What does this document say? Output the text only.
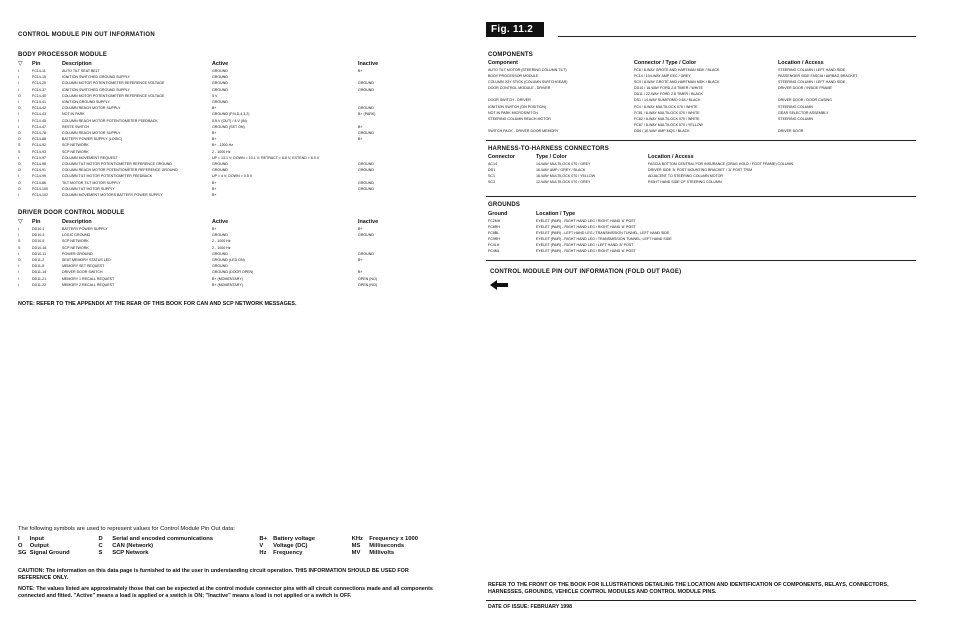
CONTROL MODULE PIN OUT INFORMATION
BODY PROCESSOR MODULE
▽	Pin	Description	Active	Inactive
I	FC14-11	AUTO TILT SEAT BELT	GROUND	B+
I	FC14-15	IGNITION SWITCHED GROUND SUPPLY	GROUND	
I	FC14-20	COLUMN MOTOR POTENTIOMETER REFERENCE VOLTAGE	GROUND	GROUND
I	FC14-37	IGNITION SWITCHED GROUND SUPPLY	GROUND	GROUND
O	FC14-40	COLUMN MOTOR POTENTIOMETER REFERENCE VOLTAGE	5 V	
I	FC14-41	IGNITION GROUND SUPPLY	GROUND	
O	FC14-42	COLUMN REACH MOTOR SUPPLY	B+	GROUND
I	FC14-43	NOT IN PARK	GROUND (P,N,D,4,3,2)	B+ (PARK)
I	FC14-45	COLUMN REACH MOTOR POTENTIOMETER FEEDBACK	0.5 V (OUT) / 4 V (IN)	
I	FC14-47	RESTE SWITCH	GROUND (SET ON)	B+
O	FC14-78	COLUMN REACH MOTOR SUPPLY	B+	GROUND
O	FC14-88	BATTERY POWER SUPPLY (LOGIC)	B+	B+
S	FC14-92	SCP NETWORK	B+ - 1000 Hz	
S	FC14-93	SCP NETWORK	2 - 1000 Hz	
I	FC14-97	COLUMN MOVEMENT REQUEST	UP = 13.1 V; DOWN = 10.1 V; RETRACT = 8.8 V; EXTEND = 6.9 V	
O	FC14-98	COLUMN TILT MOTOR POTENTIOMETER REFERENCE GROUND	GROUND	GROUND
O	FC14-91	COLUMN REACH MOTOR POTENTIOMETER REFERENCE GROUND	GROUND	GROUND
I	FC14-99	COLUMN TILT MOTOR POTENTIOMETER FEEDBACK	UP = 4 V; DOWN = 0.5 V	
O	FC14-86	TILT MOTOR TILT MOTOR SUPPLY	B+	GROUND
O	FC14-100	COLUMN TILT MOTOR SUPPLY	B+	GROUND
I	FC14-102	COLUMN MOVEMENT MOTORS BATTERY POWER SUPPLY	B+	
DRIVER DOOR CONTROL MODULE
▽	Pin	Description	Active	Inactive
I	DD10-1	BATTERY POWER SUPPLY	B+	B+
I	DD10-3	LOGIC GROUND	GROUND	GROUND
S	DD10-5	SCP NETWORK	2 - 1000 Hz	
S	DD10-16	SCP NETWORK	2 - 1000 Hz	
I	DD10-11	POWER GROUND	GROUND	GROUND

O	DD11-2	SEAT MEMORY STATUS LED	GROUND (LED ON)	B+
I	DD11-8	MEMORY SET REQUEST	GROUND	
I	DD11-14	DRIVER DOOR SWITCH	GROUND (DOOR OPEN)	B+
I	DD11-21	MEMORY 1 RECALL REQUEST	B+ (MOMENTARY)	OPEN (NO)
I	DD11-22	MEMORY 2 RECALL REQUEST	B+ (MOMENTARY)	OPEN (NO)
NOTE: REFER TO THE APPENDIX AT THE REAR OF THIS BOOK FOR CAN AND SCP NETWORK MESSAGES.
The following symbols are used to represent values for Control Module Pin Out data:
I	Input	D	Serial and encoded communications	B+	Battery voltage	KHz	Frequency x 1000
O	Output	C	CAN (Network)	V	Voltage (DC)	MS	Milliseconds
SG Signal Ground	S	SCP Network	Hz	Frequency	MV	Millivolts
CAUTION: The information on this data page is furnished to aid the user in understanding circuit operation. THIS INFORMATION SHOULD BE USED FOR REFERENCE ONLY.
NOTE: The values listed are approximately those that can be expected at the control module connector pins with all circuit connections made and all components connected and fitted. "Active" means a load is applied or a switch is ON; "Inactive" means a load is not applied or a switch is OFF.
Fig. 11.2
COMPONENTS
Component	Connector / Type / Color	Location / Access
AUTO TILT MOTOR (STEERING COLUMN TILT)	FC8 / 8-WAY GROTE AND HARTMAN MDK / BLACK	STEERING COLUMN / LEFT HAND SIDE
BODY PROCESSOR MODULE	FC14 / 104-WAY AMP EEC / GREY	PASSENGER SIDE FASCIA / AIRBAG BRACKET
COLUMN JOY STICK (COLUMN SWITCHGEAR)	SC9 / 8-WAY GROTE AND HARTMAN MDK / BLACK	STEERING COLUMN / LEFT HAND SIDE
DOOR CONTROL MODULE - DRIVER	DD10 / 16-WAY FORD 2.8 TIMER / WHITE	DRIVER DOOR / INSIDE FRAME
	DD11 / 22-WAY FORD 2.8 TIMER / BLACK	
DOOR SWITCH - DRIVER	DS1 / 14-WAY SUMITOMO 0.64 / BLACK	DRIVER DOOR / DOOR CASING
IGNITION SWITCH (ON POSITION)	FC4 / 8-WAY MULTILOCK 070 / WHITE	STEERING COLUMN
NOT IN PARK MICROSWITCH	FC81 / 8-WAY MULTILOCK 070 / WHITE	GEAR SELECTOR ASSEMBLY
STEERING COLUMN REACH MOTOR	FC82 / 8-WAY MULTILOCK 070 / WHITE	STEERING COLUMN
	FC87 / 8-WAY MULTILOCK 070 / YELLOW	
SWITCH PACK - DRIVER DOOR MEMORY	DD6 / 10-WAY AMP MQS / BLACK	DRIVER DOOR
HARNESS-TO-HARNESS CONNECTORS
Connector	Type / Color	Location / Access
AC14	14-WAY MULTILOCK 070 / GREY	FASCIA BOTTOM CENTRAL FOR INSURANCE (DRAG HOLD / FOOT FRAME) COLUMN
DD1	16-WAY AMP / GREY / BLACK	DRIVER SIDE 'A' POST MOUNTING BRACKET / 'A' POST TRIM
SC1	16-WAY MULTILOCK 070 / YELLOW	ADJACENT TO STEERING COLUMN MOTOR
SC3	12-WAY MULTILOCK 070 / GREY	RIGHT HAND SIDE OF STEERING COLUMN
GROUNDS
Ground	Location / Type
FC2MH	EYELET (PAIR) - RIGHT HAND LEG / RIGHT HAND 'A' POST
FC8RH	EYELET (PAIR) - RIGHT HAND LEG / RIGHT HAND 'A' POST
FC8BL	EYELET (PAIR) - LEFT HAND LEG / TRANSMISSION TUNNEL, LEFT HAND SIDE
FC9RH	EYELET (PAIR) - RIGHT HAND LEG / TRANSMISSION TUNNEL, LEFT HAND SIDE
FC4LH	EYELET (PAIR) - RIGHT HAND LEG / LEFT HAND 'A' POST
FC4ML	EYELET (PAIR) - RIGHT HAND LEG / RIGHT HAND 'A' POST
CONTROL MODULE PIN OUT INFORMATION (FOLD OUT PAGE)
REFER TO THE FRONT OF THE BOOK FOR ILLUSTRATIONS DETAILING THE LOCATION AND IDENTIFICATION OF COMPONENTS, RELAYS, CONNECTORS, HARNESSES, GROUNDS, VEHICLE CONTROL MODULES AND CONTROL MODULE PINS.
DATE OF ISSUE: FEBRUARY 1998
